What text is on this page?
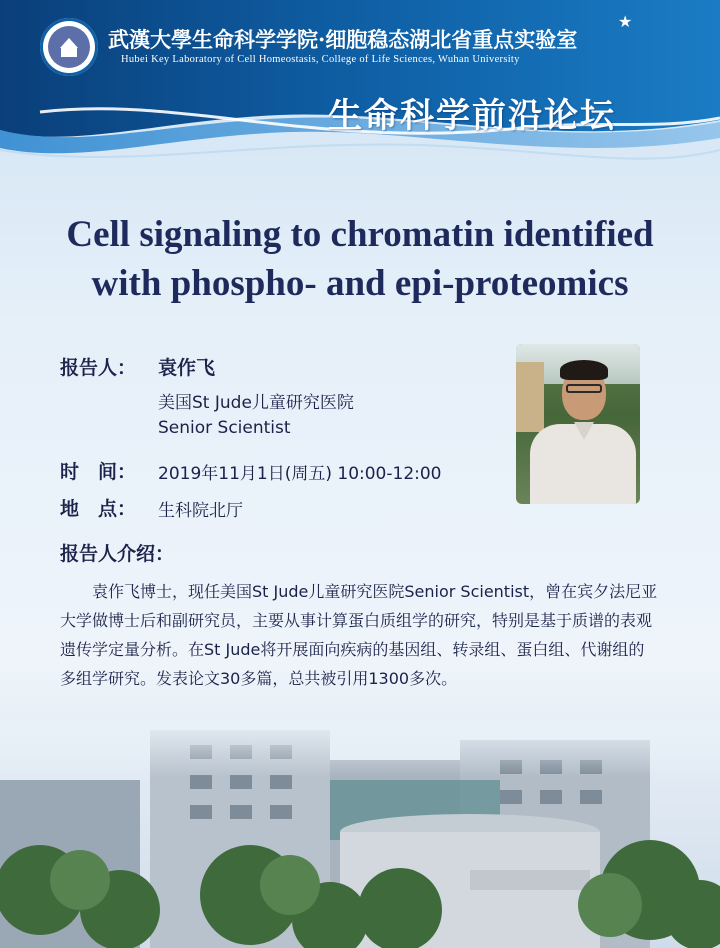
武漢大學生命科学学院·细胞稳态湖北省重点实验室
Hubei Key Laboratory of Cell Homeostasis, College of Life Sciences, Wuhan University
★
生命科学前沿论坛
Cell signaling to chromatin identified
with phospho- and epi-proteomics
报告人： 袁作飞
美国St Jude儿童研究医院
Senior Scientist
时　间： 2019年11月1日(周五) 10:00-12:00
地　点： 生科院北厅
报告人介绍：

袁作飞博士，现任美国St Jude儿童研究医院Senior Scientist，曾在宾夕法尼亚大学做博士后和副研究员，主要从事计算蛋白质组学的研究，特别是基于质谱的表观遗传学定量分析。在St Jude将开展面向疾病的基因组、转录组、蛋白组、代谢组的多组学研究。发表论文30多篇，总共被引用1300多次。
